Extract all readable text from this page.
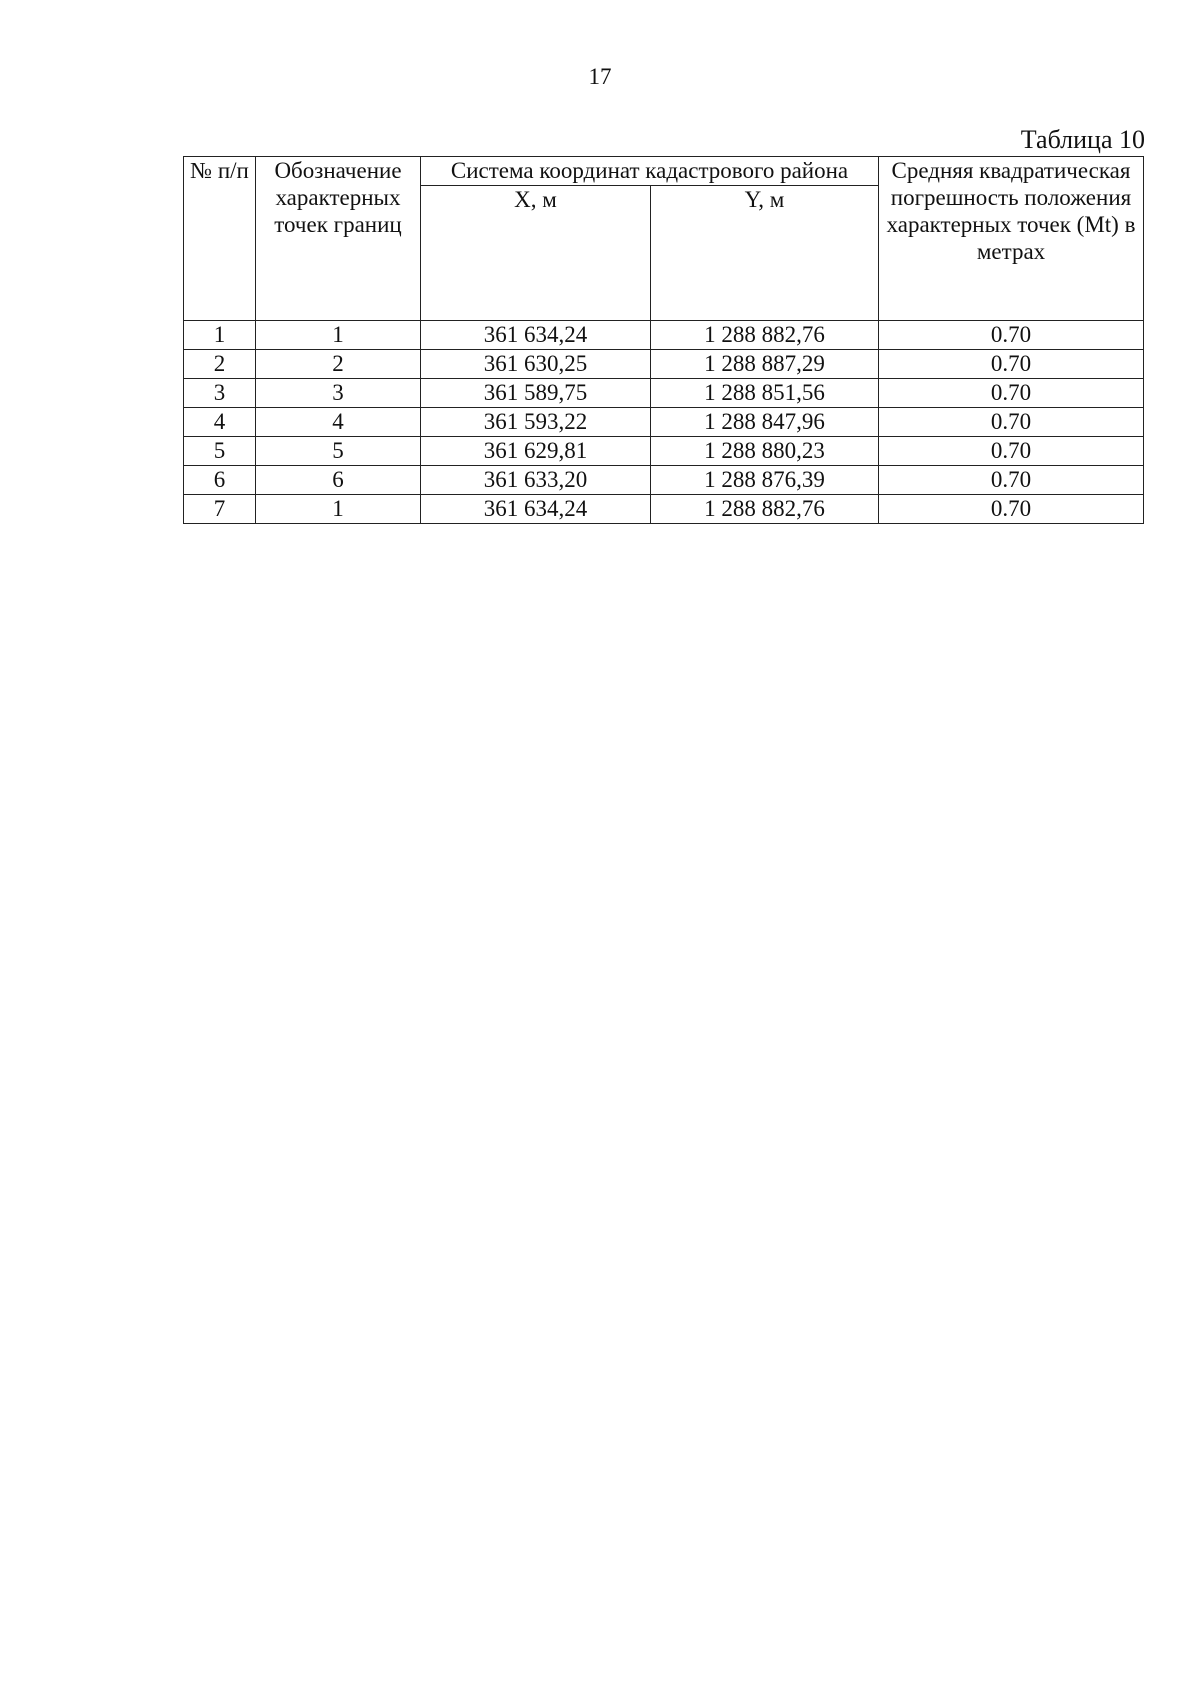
17
Таблица 10
№ п/п	Обозначение характерных точек границ	Система координат кадастрового района		Средняя квадратическая погрешность положения характерных точек (Mt) в метрах
		X, м	Y, м	
1	1	361 634,24	1 288 882,76	0.70
2	2	361 630,25	1 288 887,29	0.70
3	3	361 589,75	1 288 851,56	0.70
4	4	361 593,22	1 288 847,96	0.70
5	5	361 629,81	1 288 880,23	0.70
6	6	361 633,20	1 288 876,39	0.70
7	1	361 634,24	1 288 882,76	0.70
